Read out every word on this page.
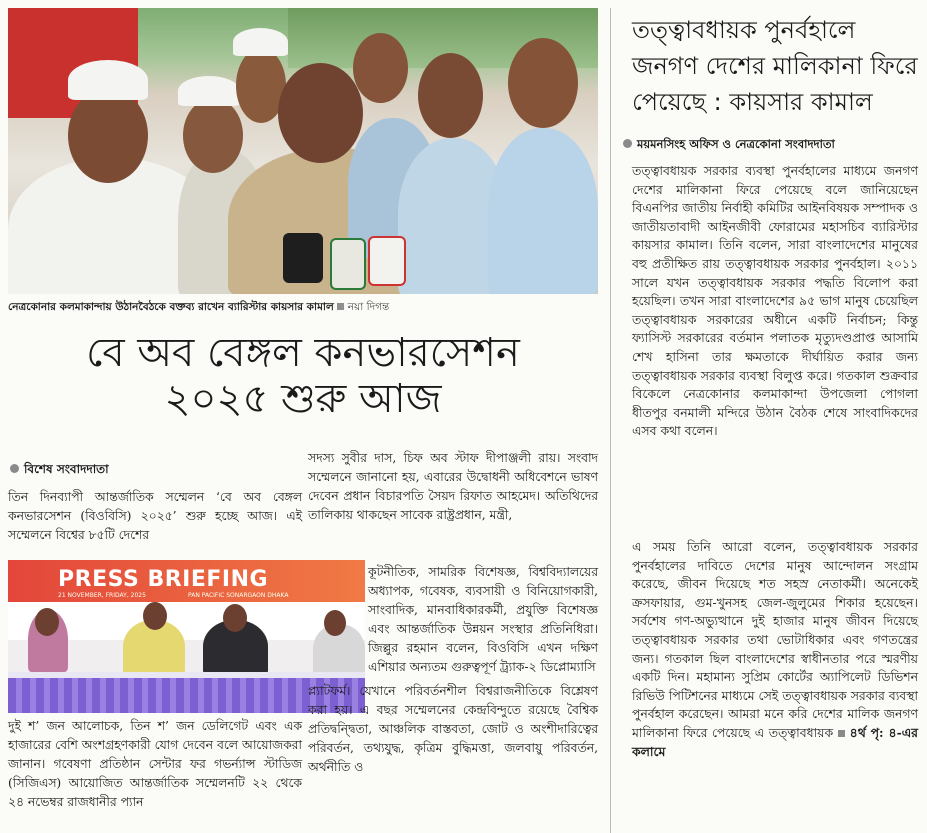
নেত্রকোনার কলমাকান্দায় উঠানবৈঠকে বক্তব্য রাখেন ব্যারিস্টার কায়সার কামাল নয়া দিগন্ত
বে অব বেঙ্গল কনভারসেশন
২০২৫ শুরু আজ
বিশেষ সংবাদদাতা
তিন দিনব্যাপী আন্তর্জাতিক সম্মেলন ‘বে অব বেঙ্গল কনভারসেশন (বিওবিসি) ২০২৫’ শুরু হচ্ছে আজ। এই সম্মেলনে বিশ্বের ৮৫টি দেশের
PRESS BRIEFING
21 NOVEMBER, FRIDAY, 2025	PAN PACIFIC SONARGAON DHAKA
দুই শ’ জন আলোচক, তিন শ’ জন ডেলিগেট এবং এক হাজারের বেশি অংশগ্রহণকারী যোগ দেবেন বলে আয়োজকরা জানান। গবেষণা প্রতিষ্ঠান সেন্টার ফর গভর্ন্যান্স স্টাডিজ (সিজিএস) আয়োজিত আন্তর্জাতিক সম্মেলনটি ২২ থেকে ২৪ নভেম্বর রাজধানীর প্যান
সদস্য সুবীর দাস, চিফ অব স্টাফ দীপাঞ্জলী রায়। সংবাদ সম্মেলনে জানানো হয়, এবারের উদ্বোধনী অধিবেশনে ভাষণ দেবেন প্রধান বিচারপতি সৈয়দ রিফাত আহমেদ। অতিথিদের তালিকায় থাকছেন সাবেক রাষ্ট্রপ্রধান, মন্ত্রী,
কূটনীতিক, সামরিক বিশেষজ্ঞ, বিশ্ববিদ্যালয়ের অধ্যাপক, গবেষক, ব্যবসায়ী ও বিনিয়োগকারী, সাংবাদিক, মানবাধিকারকর্মী, প্রযুক্তি বিশেষজ্ঞ এবং আন্তর্জাতিক উন্নয়ন সংস্থার প্রতিনিধিরা। জিল্লুর রহমান বলেন, বিওবিসি এখন দক্ষিণ এশিয়ার অন্যতম গুরুত্বপূর্ণ ট্র্যাক-২ ডিপ্লোম্যাসি
প্ল্যাটফর্ম। যেখানে পরিবর্তনশীল বিশ্বরাজনীতিকে বিশ্লেষণ করা হয়। এ বছর সম্মেলনের কেন্দ্রবিন্দুতে রয়েছে বৈশ্বিক প্রতিদ্বন্দ্বিতা, আঞ্চলিক বাস্তবতা, জোট ও অংশীদারিত্বের পরিবর্তন, তথ্যযুদ্ধ, কৃত্রিম বুদ্ধিমত্তা, জলবায়ু পরিবর্তন, অর্থনীতি ও
তত্ত্বাবধায়ক পুনর্বহালে জনগণ দেশের মালিকানা ফিরে পেয়েছে : কায়সার কামাল
ময়মনসিংহ অফিস ও নেত্রকোনা সংবাদদাতা
তত্ত্বাবধায়ক সরকার ব্যবস্থা পুনর্বহালের মাধ্যমে জনগণ দেশের মালিকানা ফিরে পেয়েছে বলে জানিয়েছেন বিএনপির জাতীয় নির্বাহী কমিটির আইনবিষয়ক সম্পাদক ও জাতীয়তাবাদী আইনজীবী ফোরামের মহাসচিব ব্যারিস্টার কায়সার কামাল। তিনি বলেন, সারা বাংলাদেশের মানুষের বহু প্রতীক্ষিত রায় তত্ত্বাবধায়ক সরকার পুনর্বহাল। ২০১১ সালে যখন তত্ত্বাবধায়ক সরকার পদ্ধতি বিলোপ করা হয়েছিল। তখন সারা বাংলাদেশের ৯৫ ভাগ মানুষ চেয়েছিল তত্ত্বাবধায়ক সরকারের অধীনে একটি নির্বাচন; কিন্তু ফ্যাসিস্ট সরকারের বর্তমান পলাতক মৃত্যুদণ্ডপ্রাপ্ত আসামি শেখ হাসিনা তার ক্ষমতাকে দীর্ঘায়িত করার জন্য তত্ত্বাবধায়ক সরকার ব্যবস্থা বিলুপ্ত করে। গতকাল শুক্রবার বিকেলে নেত্রকোনার কলমাকান্দা উপজেলা পোগলা ধীতপুর বনমালী মন্দিরে উঠান বৈঠক শেষে সাংবাদিকদের এসব কথা বলেন।
এ সময় তিনি আরো বলেন, তত্ত্বাবধায়ক সরকার পুনর্বহালের দাবিতে দেশের মানুষ আন্দোলন সংগ্রাম করেছে, জীবন দিয়েছে শত সহস্র নেতাকর্মী। অনেকেই ক্রসফায়ার, গুম-খুনসহ জেল-জুলুমের শিকার হয়েছেন। সর্বশেষ গণ-অভ্যুত্থানে দুই হাজার মানুষ জীবন দিয়েছে তত্ত্বাবধায়ক সরকার তথা ভোটাধিকার এবং গণতন্ত্রের জন্য। গতকাল ছিল বাংলাদেশের স্বাধীনতার পরে স্মরণীয় একটি দিন। মহামান্য সুপ্রিম কোর্টের অ্যাপিলেট ডিভিশন রিভিউ পিটিশনের মাধ্যমে সেই তত্ত্বাবধায়ক সরকার ব্যবস্থা পুনর্বহাল করেছেন। আমরা মনে করি দেশের মালিক জনগণ মালিকানা ফিরে পেয়েছে এ তত্ত্বাবধায়ক ৪র্থ পৃ: ৪-এর কলামে
